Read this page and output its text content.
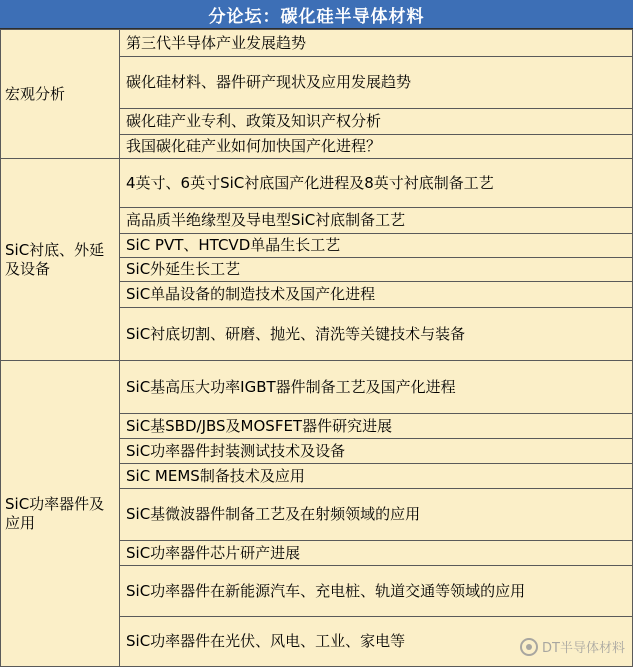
分论坛：碳化硅半导体材料
宏观分析	第三代半导体产业发展趋势
	碳化硅材料、器件研产现状及应用发展趋势
	碳化硅产业专利、政策及知识产权分析
	我国碳化硅产业如何加快国产化进程？
SiC衬底、外延及设备	4英寸、6英寸SiC衬底国产化进程及8英寸衬底制备工艺
	高品质半绝缘型及导电型SiC衬底制备工艺
	SiC PVT、HTCVD单晶生长工艺
	SiC外延生长工艺
	SiC单晶设备的制造技术及国产化进程
	SiC衬底切割、研磨、抛光、清洗等关键技术与装备
SiC功率器件及应用	SiC基高压大功率IGBT器件制备工艺及国产化进程
	SiC基SBD/JBS及MOSFET器件研究进展
	SiC功率器件封装测试技术及设备
	SiC MEMS制备技术及应用
	SiC基微波器件制备工艺及在射频领域的应用
	SiC功率器件芯片研产进展
	SiC功率器件在新能源汽车、充电桩、轨道交通等领域的应用
	SiC功率器件在光伏、风电、工业、家电等	DT半导体材料
